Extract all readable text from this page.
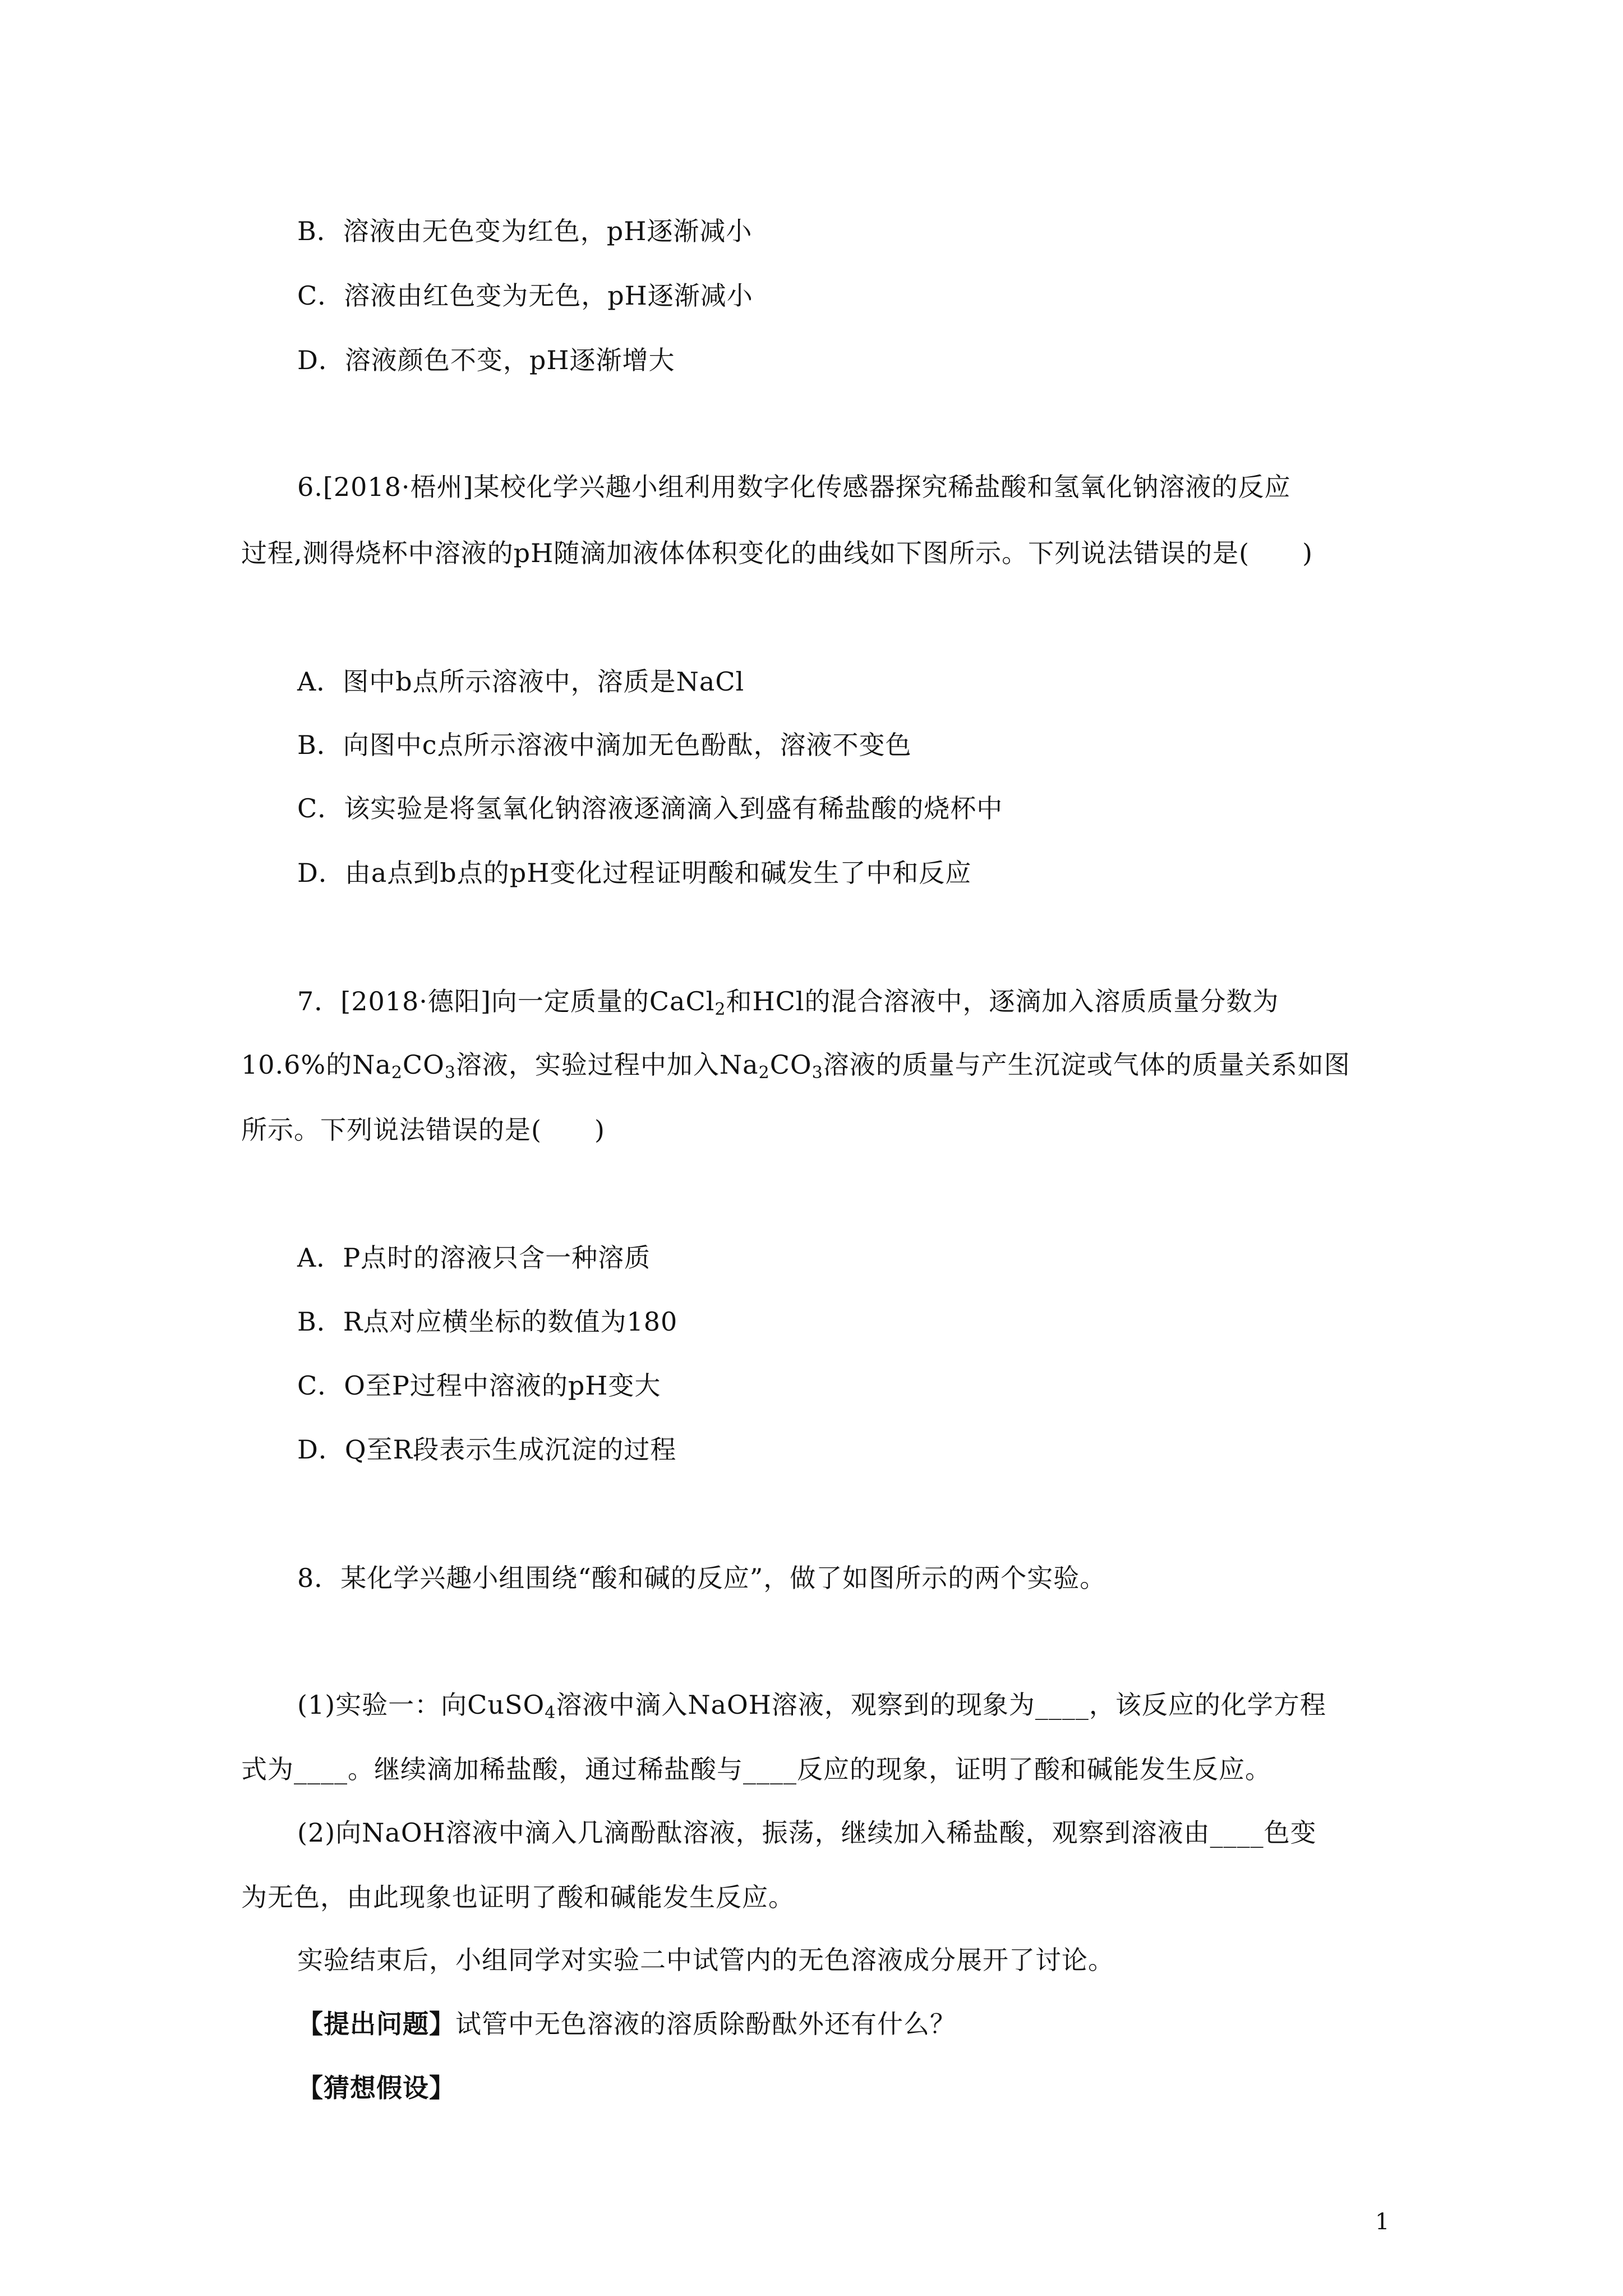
B．溶液由无色变为红色，pH逐渐减小
C．溶液由红色变为无色，pH逐渐减小
D．溶液颜色不变，pH逐渐增大
6.[2018·梧州]某校化学兴趣小组利用数字化传感器探究稀盐酸和氢氧化钠溶液的反应
过程,测得烧杯中溶液的pH随滴加液体体积变化的曲线如下图所示。下列说法错误的是(　　)
A．图中b点所示溶液中，溶质是NaCl
B．向图中c点所示溶液中滴加无色酚酞，溶液不变色
C．该实验是将氢氧化钠溶液逐滴滴入到盛有稀盐酸的烧杯中
D．由a点到b点的pH变化过程证明酸和碱发生了中和反应
7．[2018·德阳]向一定质量的CaCl$_2$和HCl的混合溶液中，逐滴加入溶质质量分数为
10.6%的$Na_2CO_3$溶液，实验过程中加入$Na_2CO_3$溶液的质量与产生沉淀或气体的质量关系如图
所示。下列说法错误的是(　　)
A．P点时的溶液只含一种溶质
B．R点对应横坐标的数值为180
C．O至P过程中溶液的pH变大
D．Q至R段表示生成沉淀的过程
8．某化学兴趣小组围绕“酸和碱的反应”，做了如图所示的两个实验。
(1)实验一：向CuSO$_4$溶液中滴入NaOH溶液，观察到的现象为____，该反应的化学方程
式为____。继续滴加稀盐酸，通过稀盐酸与____反应的现象，证明了酸和碱能发生反应。
(2)向NaOH溶液中滴入几滴酚酞溶液，振荡，继续加入稀盐酸，观察到溶液由____色变
为无色，由此现象也证明了酸和碱能发生反应。
实验结束后，小组同学对实验二中试管内的无色溶液成分展开了讨论。
【提出问题】试管中无色溶液的溶质除酚酞外还有什么？
【猜想假设】
1
